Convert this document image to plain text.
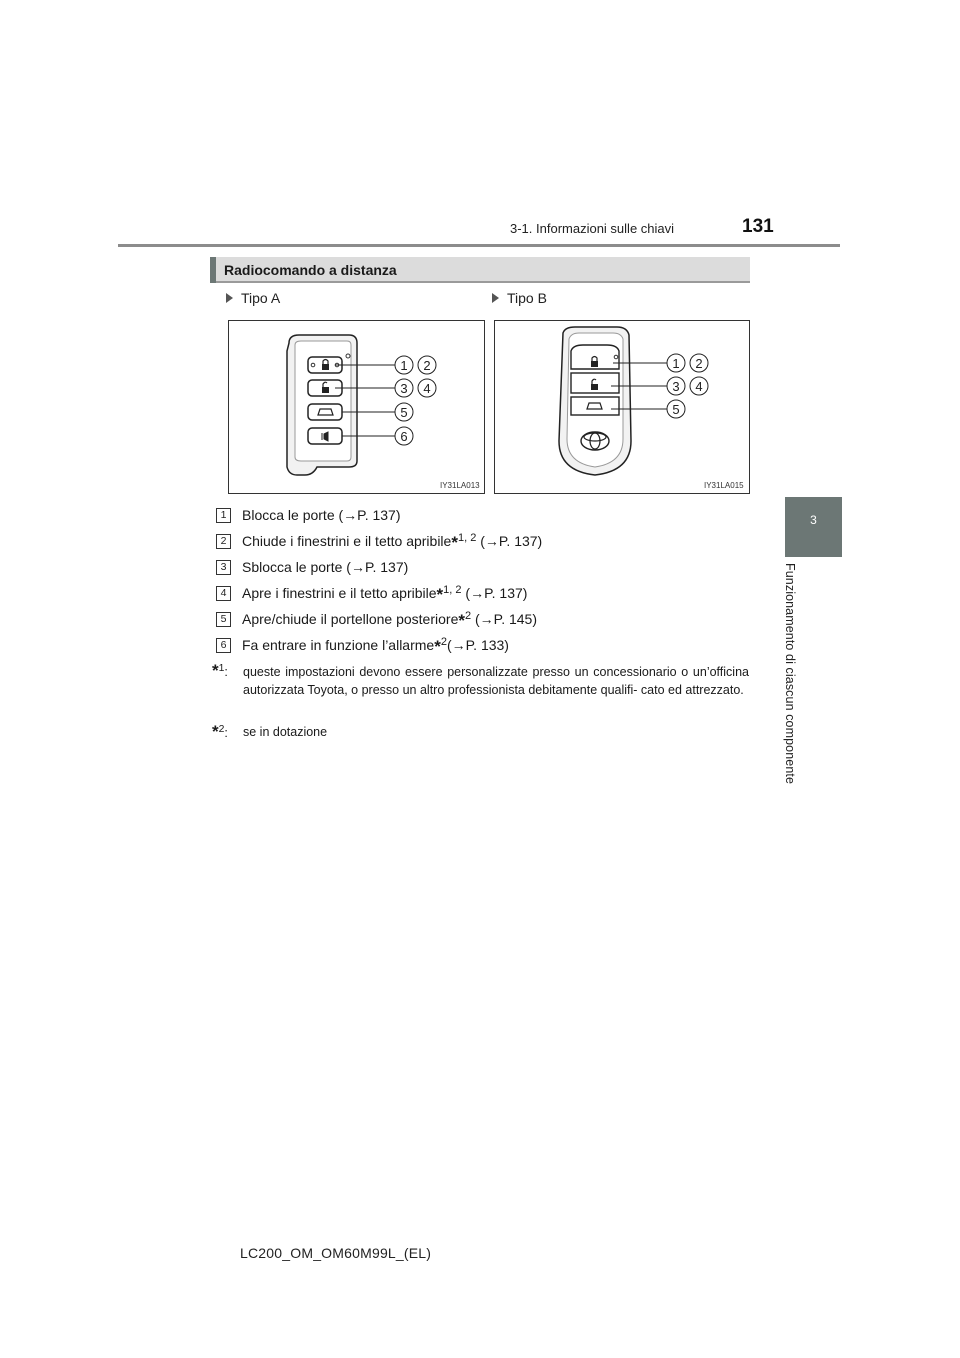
3-1. Informazioni sulle chiavi	131
3
Funzionamento di ciascun componente
Radiocomando a distanza
Tipo A	Tipo B
1 2
3 4
5
6
IY31LA013
1 2
3 4
5
IY31LA015
1	Blocca le porte (→P. 137)
2	Chiude i finestrini e il tetto apribile*$^{1, 2}$ (→P. 137)
3	Sblocca le porte (→P. 137)
4	Apre i finestrini e il tetto apribile*$^{1, 2}$ (→P. 137)
5	Apre/chiude il portellone posteriore*$^2$ (→P. 145)
6	Fa entrare in funzione l’allarme*$^2$(→P. 133)
*$^1$: queste impostazioni devono essere personalizzate presso un concessionario o un’officina autorizzata Toyota, o presso un altro professionista debitamente qualifi- cato ed attrezzato.
*$^2$: se in dotazione
LC200_OM_OM60M99L_(EL)
